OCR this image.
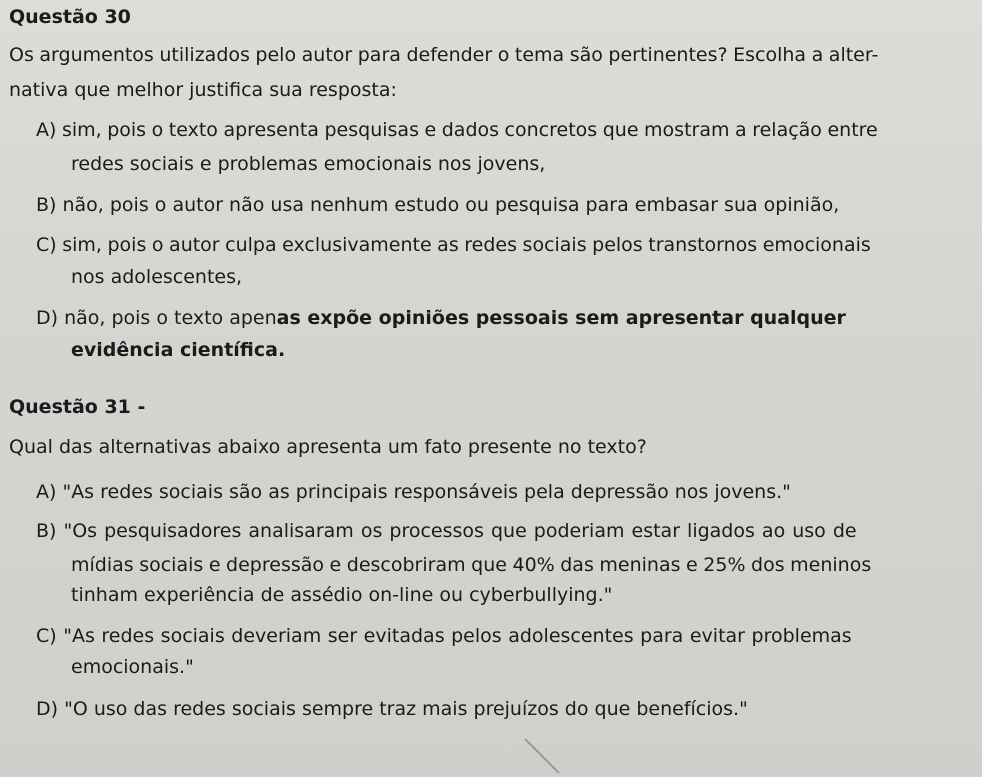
Questão 30
Os argumentos utilizados pelo autor para defender o tema são pertinentes? Escolha a alter-
nativa que melhor justifica sua resposta:
A) sim, pois o texto apresenta pesquisas e dados concretos que mostram a relação entre
redes sociais e problemas emocionais nos jovens,
B) não, pois o autor não usa nenhum estudo ou pesquisa para embasar sua opinião,
C) sim, pois o autor culpa exclusivamente as redes sociais pelos transtornos emocionais
nos adolescentes,
D) não, pois o texto apenas expõe opiniões pessoais sem apresentar qualquer
evidência científica.
Questão 31 -
Qual das alternativas abaixo apresenta um fato presente no texto?
A) "As redes sociais são as principais responsáveis pela depressão nos jovens."
B) "Os pesquisadores analisaram os processos que poderiam estar ligados ao uso de
mídias sociais e depressão e descobriram que 40% das meninas e 25% dos meninos
tinham experiência de assédio on-line ou cyberbullying."
C) "As redes sociais deveriam ser evitadas pelos adolescentes para evitar problemas
emocionais."
D) "O uso das redes sociais sempre traz mais prejuízos do que benefícios."
